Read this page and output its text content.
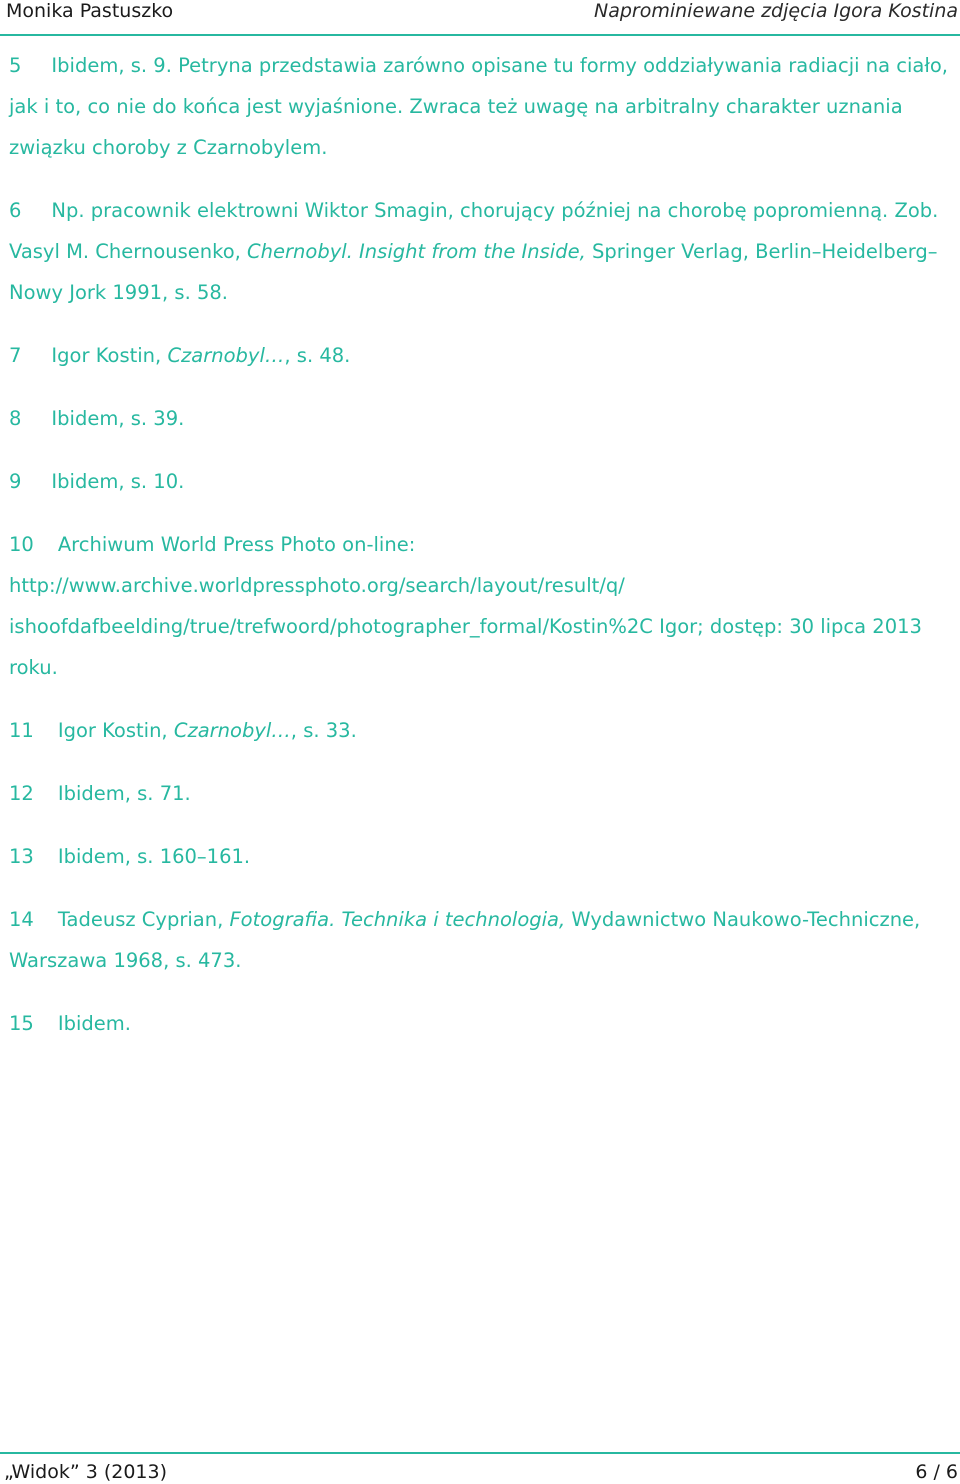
Monika Pastuszko	Naprominiewane zdjęcia Igora Kostina
5 Ibidem, s. 9. Petryna przedstawia zarówno opisane tu formy oddziaływania radiacji na ciało, jak i to, co nie do końca jest wyjaśnione. Zwraca też uwagę na arbitralny charakter uznania związku choroby z Czarnobylem.
6 Np. pracownik elektrowni Wiktor Smagin, chorujący później na chorobę popromienną. Zob. Vasyl M. Chernousenko, Chernobyl. Insight from the Inside, Springer Verlag, Berlin–Heidelberg–Nowy Jork 1991, s. 58.
7 Igor Kostin, Czarnobyl…, s. 48.
8 Ibidem, s. 39.
9 Ibidem, s. 10.
10 Archiwum World Press Photo on-line: http://www.archive.worldpressphoto.org/search/layout/result/q/ ishoofdafbeelding/true/trefwoord/photographer_formal/Kostin%2C Igor; dostęp: 30 lipca 2013 roku.
11 Igor Kostin, Czarnobyl…, s. 33.
12 Ibidem, s. 71.
13 Ibidem, s. 160–161.
14 Tadeusz Cyprian, Fotografia. Technika i technologia, Wydawnictwo Naukowo-Techniczne, Warszawa 1968, s. 473.
15 Ibidem.
„Widok” 3 (2013)	6 / 6
